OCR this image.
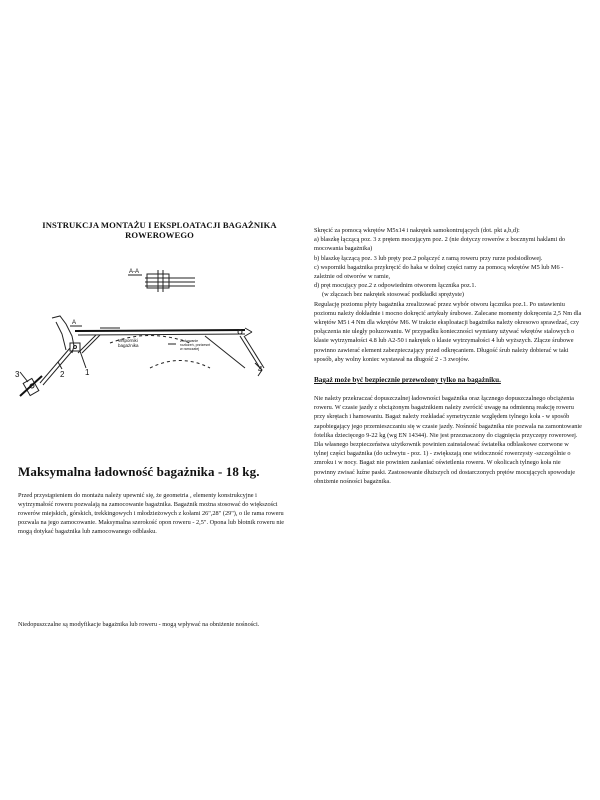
INSTRUKCJA MONTAŻU I EKSPLOATACJI BAGAŻNIKA
ROWEROWEGO
A-A
A
Wsporniki
bagażnika
Zlokowanie
rozłożeń, prztzesnt
w ramczatej
1
2
3
4
Maksymalna ładowność bagażnika - 18 kg.

Przed przystąpieniem do montażu należy upewnić się, że geometria , elementy konstrukcyjne i wytrzymałość roweru pozwalają na zamocowanie bagażnika. Bagażnik można stosować do większości rowerów miejskich, górskich, trekkingowych i młodzieżowych z kołami 26",28" (29"), o ile rama roweru pozwala na jego zamocowanie. Maksymalna szerokość opon roweru - 2,5". Opona lub błotnik roweru nie mogą dotykać bagażnika lub zamocowanego odblasku.

Niedopuszczalne są modyfikacje bagażnika lub roweru - mogą wpływać na obniżenie nośności.

Skręcić za pomocą wkrętów M5x14 i nakrętek samokontrujących (dot. pkt a,b,d):

a) blaszkę łączącą poz. 3 z prętem mocującym poz. 2 (nie dotyczy rowerów z bocznymi haklami do mocowania bagażnika)

b) blaszkę łączącą poz. 3 lub pręty poz.2 połączyć z ramą roweru przy rurze podsiodłowej.

c) wsporniki bagażnika przykręcić do haka w dolnej części ramy za pomocą wkrętów M5 lub M6 - zależnie od otworów w ramie,

d) pręt mocujący poz.2 z odpowiednim otworem łącznika poz.1.

(w złączach bez nakrętek stosować podkładki sprężyste)

Regulację poziomu płyty bagażnika zrealizować przez wybór otworu łącznika poz.1. Po ustawieniu poziomu należy dokładnie i mocno dokręcić artykuły śrubowe. Zalecane momenty dokręcenia 2,5 Nm dla wkrętów M5 i 4 Nm dla wkrętów M6. W trakcie eksploatacji bagażnika należy okresowo sprawdzać, czy połączenia nie uległy poluzowaniu. W przypadku konieczności wymiany używać wkrętów stalowych o klasie wytrzymałości 4.8 lub A2-50 i nakrętek o klasie wytrzymałości 4 lub wyższych. Złącze śrubowe powinno zawierać element zabezpieczający przed odkręcaniem. Długość śrub należy dobierać w taki sposób, aby wolny koniec wystawał na długość 2 - 3 zwojów.

Bagaż może być bezpiecznie przewożony tylko na bagażniku.
Nie należy przekraczać dopuszczalnej ładowności bagażnika oraz łącznego dopuszczalnego obciążenia roweru. W czasie jazdy z obciążonym bagażnikiem należy zwrócić uwagę na odmienną reakcję roweru przy skrętach i hamowaniu. Bagaż należy rozkładać symetrycznie względem tylnego koła - w sposób zapobiegający jego przemieszczaniu się w czasie jazdy. Nośność bagażnika nie pozwala na zamontowanie fotelika dziecięcego 9-22 kg (wg EN 14344). Nie jest przeznaczony do ciągnięcia przyczepy rowerowej. Dla własnego bezpieczeństwa użytkownik powinien zainstalować światełka odblaskowe czerwone w tylnej części bagażnika (do uchwytu - poz. 1) - zwiększają one widoczność rowerzysty -szczególnie o zmroku i w nocy. Bagaż nie powinien zasłaniać oświetlenia roweru. W okolicach tylnego koła nie powinny zwisać luźne paski. Zastosowanie dłuższych od dostarczonych prętów mocujących spowoduje obniżenie nośności bagażnika.
